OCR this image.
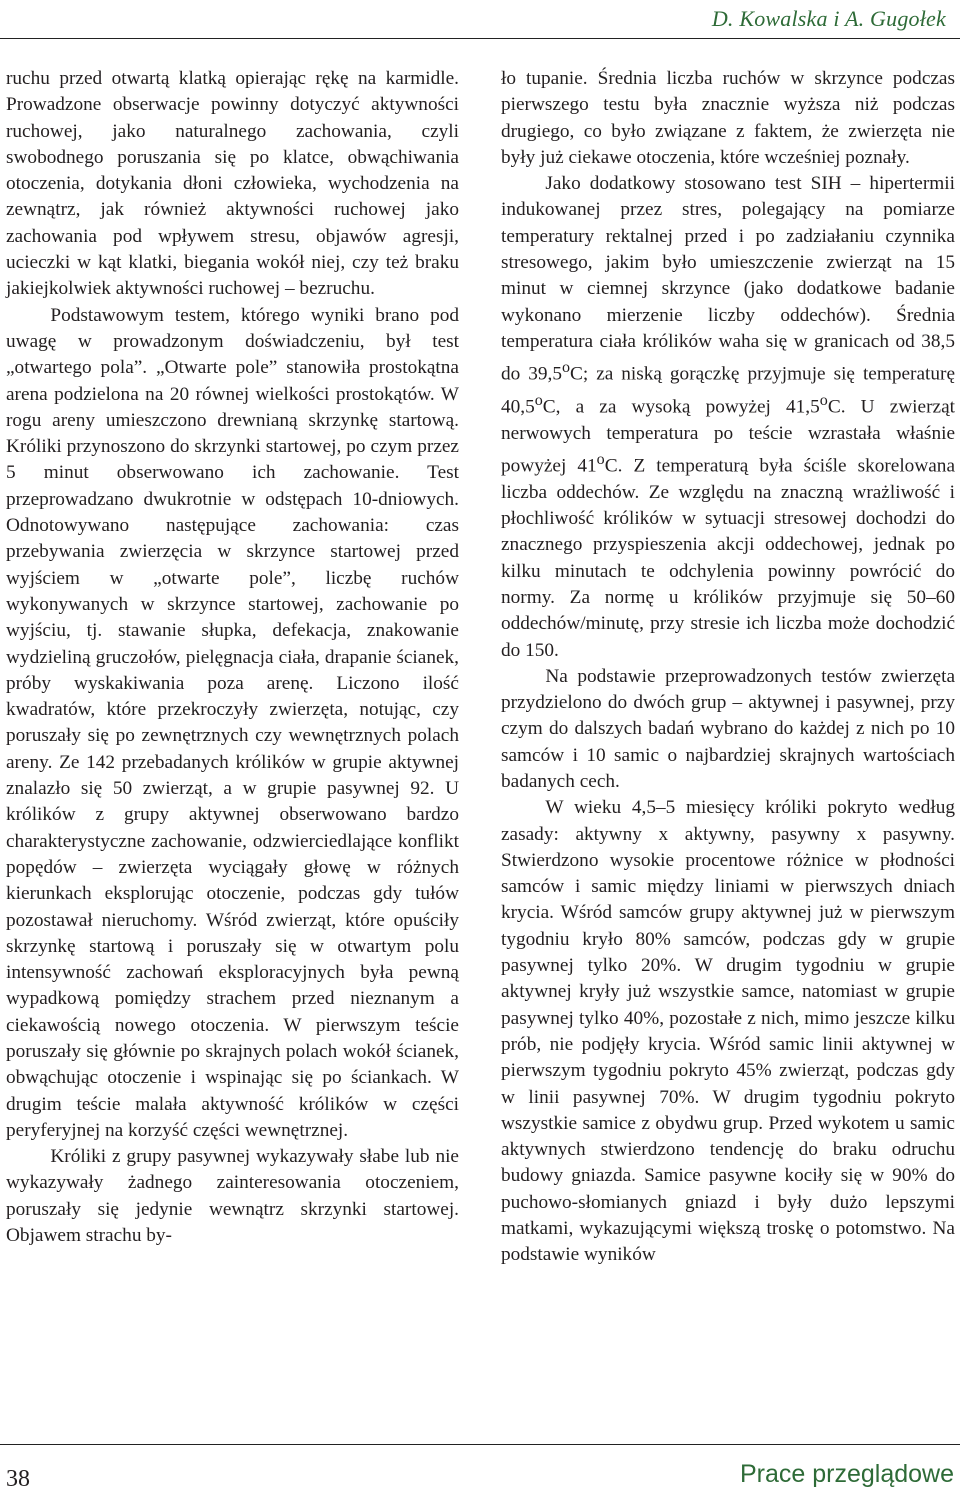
D. Kowalska i A. Gugołek

ruchu przed otwartą klatką opierając rękę na karmidle. Prowadzone obserwacje powinny dotyczyć aktywności ruchowej, jako naturalnego zachowania, czyli swobodnego poruszania się po klatce, obwąchiwania otoczenia, dotykania dłoni człowieka, wychodzenia na zewnątrz, jak również aktywności ruchowej jako zachowania pod wpływem stresu, objawów agresji, ucieczki w kąt klatki, biegania wokół niej, czy też braku jakiejkolwiek aktywności ruchowej – bezruchu.

Podstawowym testem, którego wyniki brano pod uwagę w prowadzonym doświadczeniu, był test „otwartego pola”. „Otwarte pole” stanowiła prostokątna arena podzielona na 20 równej wielkości prostokątów. W rogu areny umieszczono drewnianą skrzynkę startową. Króliki przynoszono do skrzynki startowej, po czym przez 5 minut obserwowano ich zachowanie. Test przeprowadzano dwukrotnie w odstępach 10-dniowych. Odnotowywano następujące zachowania: czas przebywania zwierzęcia w skrzynce startowej przed wyjściem w „otwarte pole”, liczbę ruchów wykonywanych w skrzynce startowej, zachowanie po wyjściu, tj. stawanie słupka, defekacja, znakowanie wydzieliną gruczołów, pielęgnacja ciała, drapanie ścianek, próby wyskakiwania poza arenę. Liczono ilość kwadratów, które przekroczyły zwierzęta, notując, czy poruszały się po zewnętrznych czy wewnętrznych polach areny. Ze 142 przebadanych królików w grupie aktywnej znalazło się 50 zwierząt, a w grupie pasywnej 92. U królików z grupy aktywnej obserwowano bardzo charakterystyczne zachowanie, odzwierciedlające konflikt popędów – zwierzęta wyciągały głowę w różnych kierunkach eksplorując otoczenie, podczas gdy tułów pozostawał nieruchomy. Wśród zwierząt, które opuściły skrzynkę startową i poruszały się w otwartym polu intensywność zachowań eksploracyjnych była pewną wypadkową pomiędzy strachem przed nieznanym a ciekawością nowego otoczenia. W pierwszym teście poruszały się głównie po skrajnych polach wokół ścianek, obwąchując otoczenie i wspinając się po ściankach. W drugim teście malała aktywność królików w części peryferyjnej na korzyść części wewnętrznej.

Króliki z grupy pasywnej wykazywały słabe lub nie wykazywały żadnego zainteresowania otoczeniem, poruszały się jedynie wewnątrz skrzynki startowej. Objawem strachu by-

ło tupanie. Średnia liczba ruchów w skrzynce podczas pierwszego testu była znacznie wyższa niż podczas drugiego, co było związane z faktem, że zwierzęta nie były już ciekawe otoczenia, które wcześniej poznały.

Jako dodatkowy stosowano test SIH – hipertermii indukowanej przez stres, polegający na pomiarze temperatury rektalnej przed i po zadziałaniu czynnika stresowego, jakim było umieszczenie zwierząt na 15 minut w ciemnej skrzynce (jako dodatkowe badanie wykonano mierzenie liczby oddechów). Średnia temperatura ciała królików waha się w granicach od 38,5 do 39,5$^o$C; za niską gorączkę przyjmuje się temperaturę 40,5$^o$C, a za wysoką powyżej 41,5$^o$C. U zwierząt nerwowych temperatura po teście wzrastała właśnie powyżej 41$^o$C. Z temperaturą była ściśle skorelowana liczba oddechów. Ze względu na znaczną wrażliwość i płochliwość królików w sytuacji stresowej dochodzi do znacznego przyspieszenia akcji oddechowej, jednak po kilku minutach te odchylenia powinny powrócić do normy. Za normę u królików przyjmuje się 50–60 oddechów/minutę, przy stresie ich liczba może dochodzić do 150.

Na podstawie przeprowadzonych testów zwierzęta przydzielono do dwóch grup – aktywnej i pasywnej, przy czym do dalszych badań wybrano do każdej z nich po 10 samców i 10 samic o najbardziej skrajnych wartościach badanych cech.

W wieku 4,5–5 miesięcy króliki pokryto według zasady: aktywny x aktywny, pasywny x pasywny. Stwierdzono wysokie procentowe różnice w płodności samców i samic między liniami w pierwszych dniach krycia. Wśród samców grupy aktywnej już w pierwszym tygodniu kryło 80% samców, podczas gdy w grupie pasywnej tylko 20%. W drugim tygodniu w grupie aktywnej kryły już wszystkie samce, natomiast w grupie pasywnej tylko 40%, pozostałe z nich, mimo jeszcze kilku prób, nie podjęły krycia. Wśród samic linii aktywnej w pierwszym tygodniu pokryto 45% zwierząt, podczas gdy w linii pasywnej 70%. W drugim tygodniu pokryto wszystkie samice z obydwu grup. Przed wykotem u samic aktywnych stwierdzono tendencję do braku odruchu budowy gniazda. Samice pasywne kociły się w 90% do puchowo-słomianych gniazd i były dużo lepszymi matkami, wykazującymi większą troskę o potomstwo. Na podstawie wyników

38	Prace przeglądowe
